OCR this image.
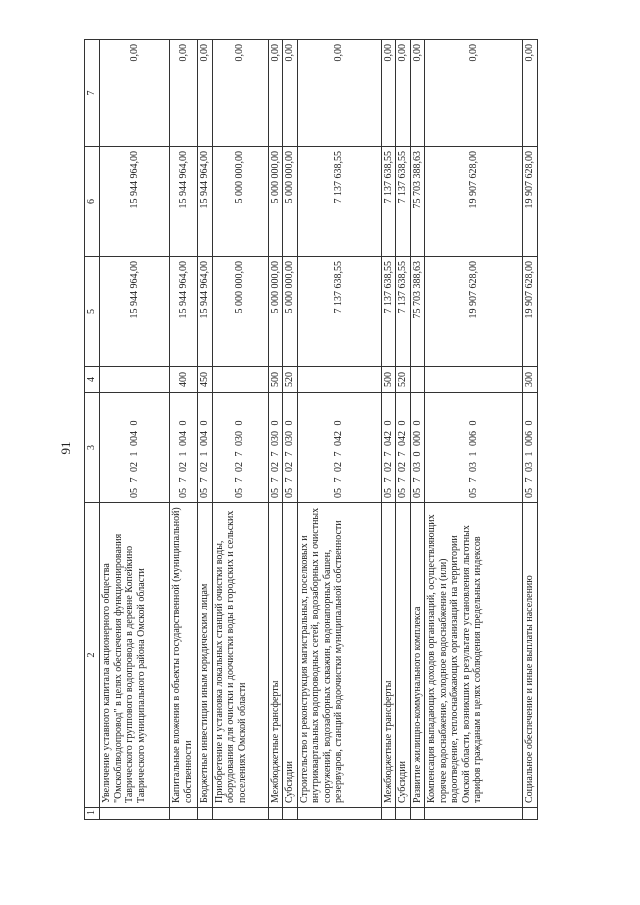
91
1	2	3	4	5	6	7
	Увеличение уставного капитала акционерного общества "Омскоблводопровод" в целях обеспечения функционирования Таврического группового водопровода в деревне Копейкино Таврического муниципального района Омской области	05 7 02 1 004 0		15 944 964,00	15 944 964,00	0,00
	Капитальные вложения в объекты государственной (муниципальной) собственности	05 7 02 1 004 0	400	15 944 964,00	15 944 964,00	0,00
	Бюджетные инвестиции иным юридическим лицам	05 7 02 1 004 0	450	15 944 964,00	15 944 964,00	0,00
	Приобретение и установка локальных станций очистки воды, оборудования для очистки и доочистки воды в городских и сельских поселениях Омской области	05 7 02 7 030 0		5 000 000,00	5 000 000,00	0,00
	Межбюджетные трансферты	05 7 02 7 030 0	500	5 000 000,00	5 000 000,00	0,00
	Субсидии	05 7 02 7 030 0	520	5 000 000,00	5 000 000,00	0,00
	Строительство и реконструкция магистральных, поселковых и внутриквартальных водопроводных сетей, водозаборных и очистных сооружений, водозаборных скважин, водонапорных башен, резервуаров, станций водоочистки муниципальной собственности	05 7 02 7 042 0		7 137 638,55	7 137 638,55	0,00
	Межбюджетные трансферты	05 7 02 7 042 0	500	7 137 638,55	7 137 638,55	0,00
	Субсидии	05 7 02 7 042 0	520	7 137 638,55	7 137 638,55	0,00
	Развитие жилищно-коммунального комплекса	05 7 03 0 000 0		75 703 388,63	75 703 388,63	0,00
	Компенсация выпадающих доходов организаций, осуществляющих горячее водоснабжение, холодное водоснабжение и (или) водоотведение, теплоснабжающих организаций на территории Омской области, возникших в результате установления льготных тарифов гражданам в целях соблюдения предельных индексов	05 7 03 1 006 0		19 907 628,00	19 907 628,00	0,00
	Социальное обеспечение и иные выплаты населению	05 7 03 1 006 0	300	19 907 628,00	19 907 628,00	0,00
